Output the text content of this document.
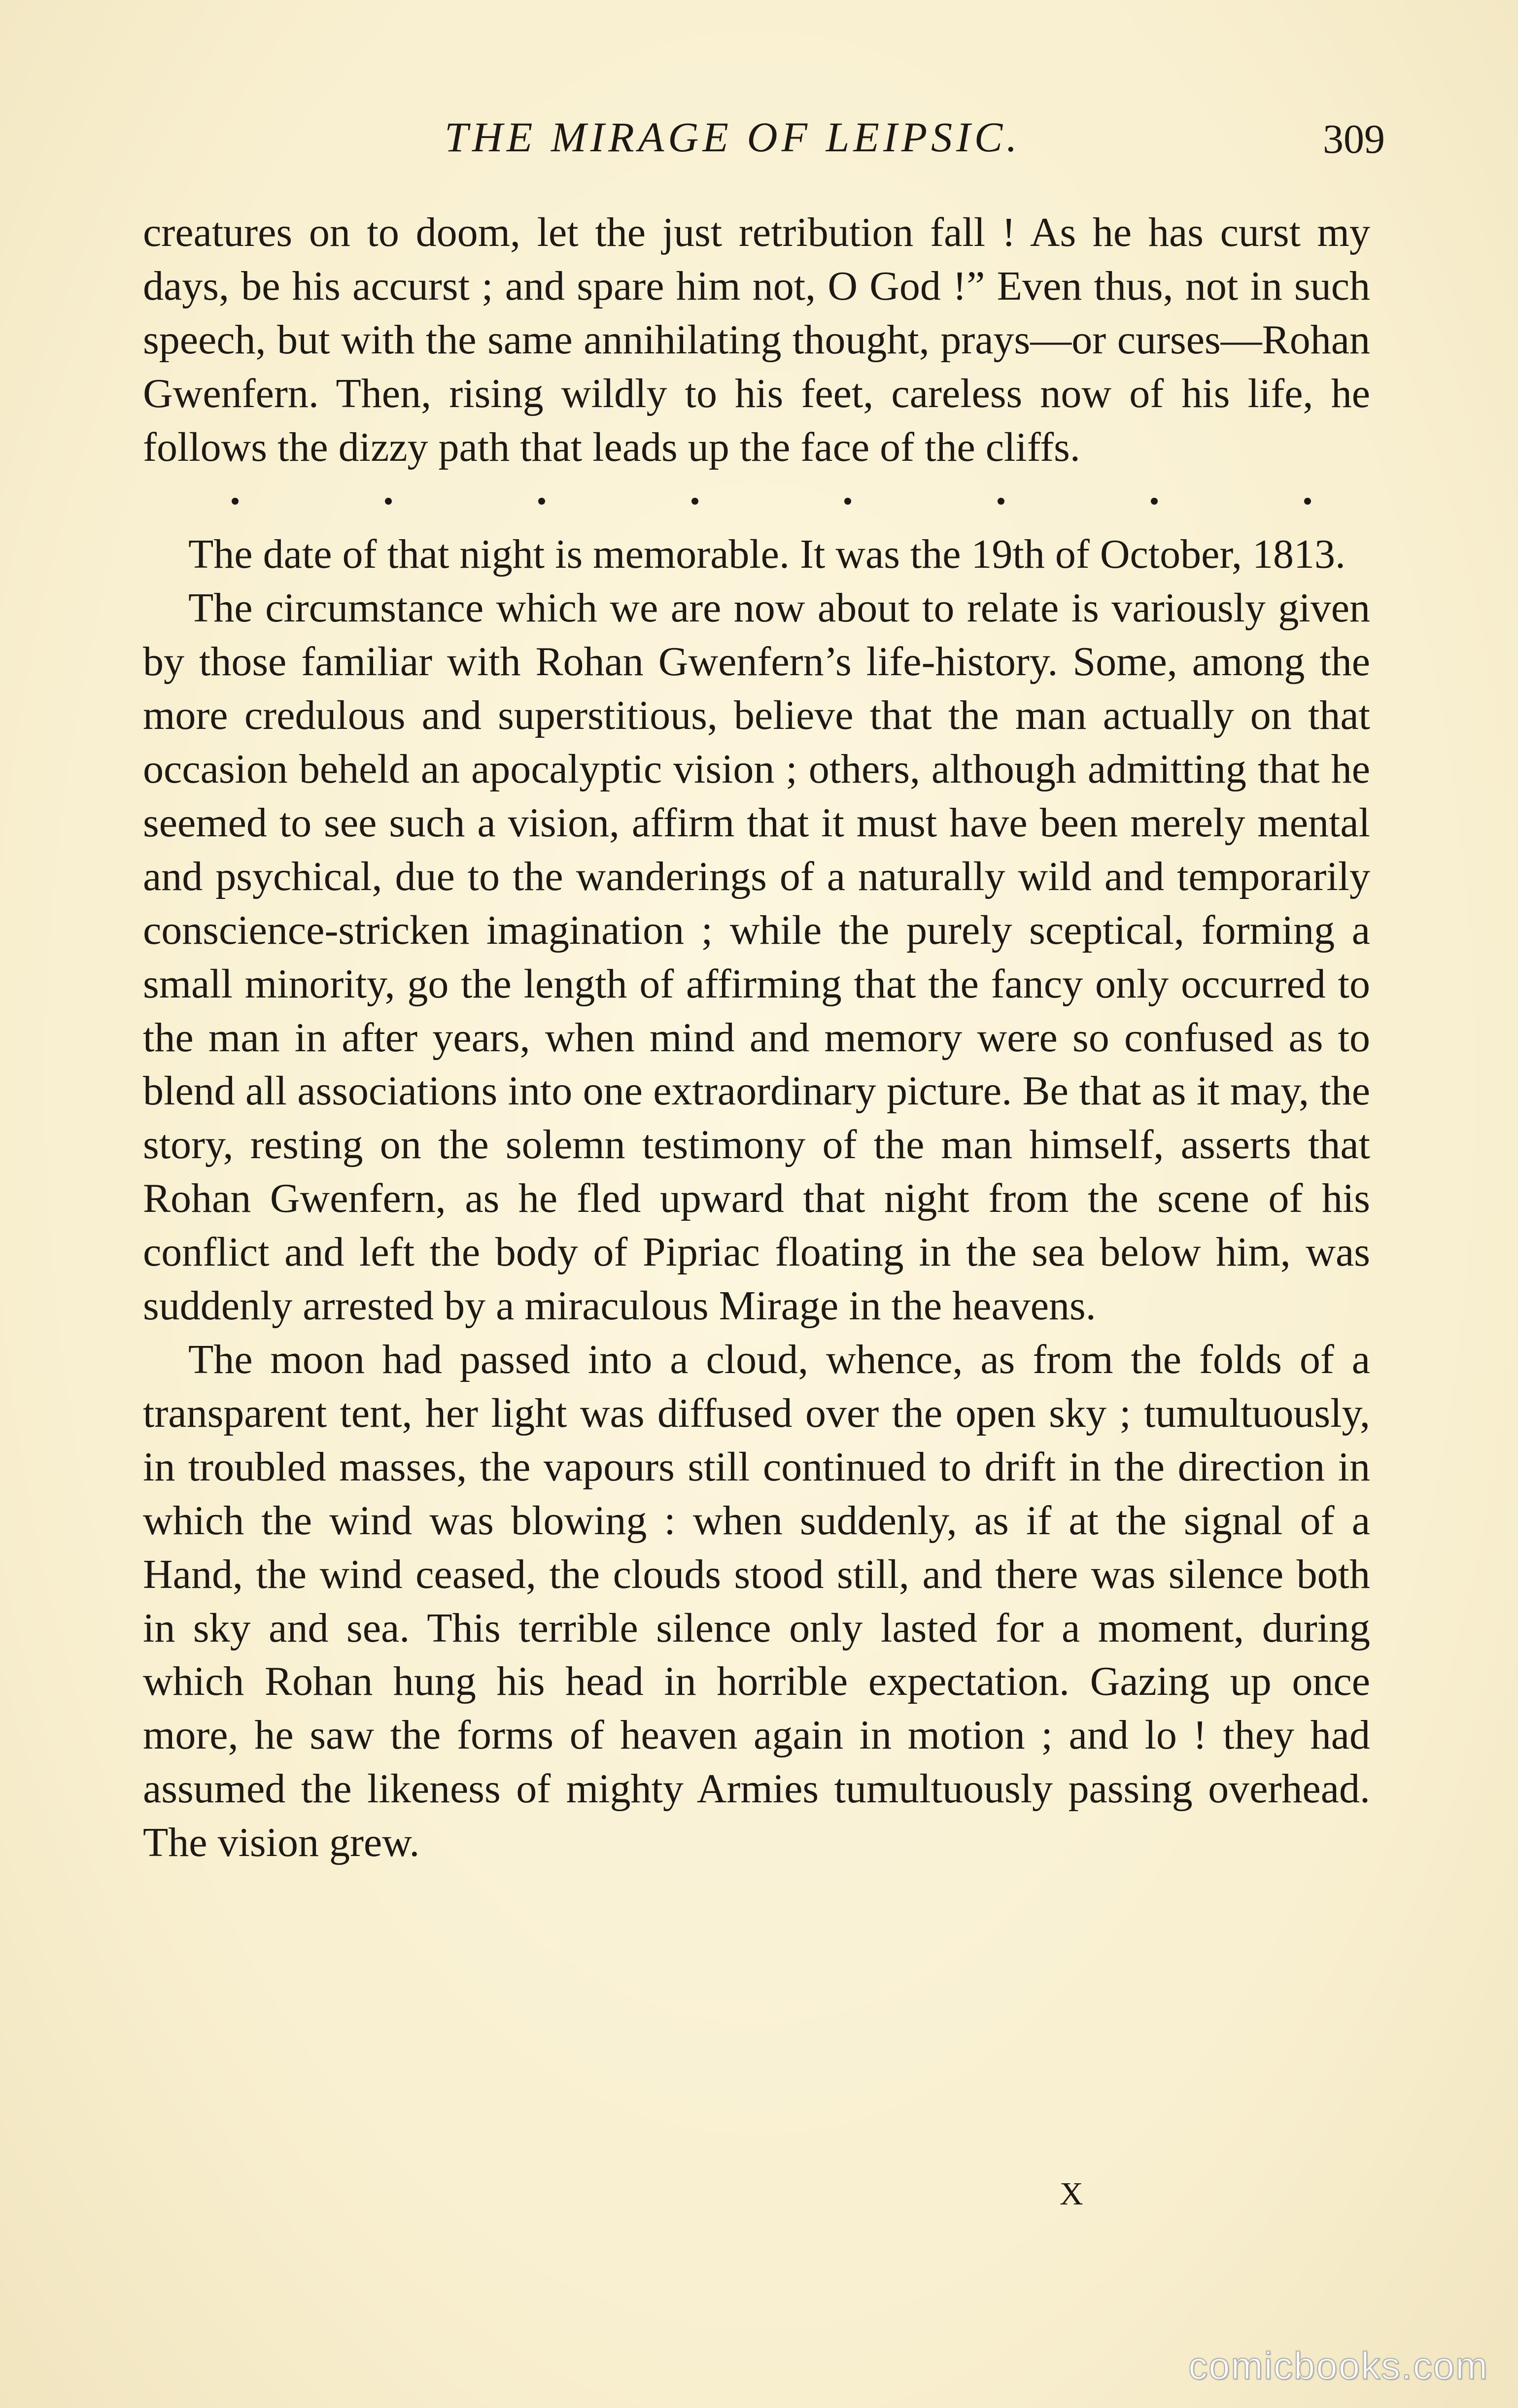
THE MIRAGE OF LEIPSIC.	309

creatures on to doom, let the just retribution fall ! As he has curst my days, be his accurst ; and spare him not, O God !” Even thus, not in such speech, but with the same annihilating thought, prays—or curses—Rohan Gwenfern. Then, rising wildly to his feet, careless now of his life, he follows the dizzy path that leads up the face of the cliffs.

The date of that night is memorable. It was the 19th of October, 1813.

The circumstance which we are now about to relate is variously given by those familiar with Rohan Gwenfern’s life-history. Some, among the more credulous and superstitious, believe that the man actually on that occasion beheld an apocalyptic vision ; others, although admitting that he seemed to see such a vision, affirm that it must have been merely mental and psychical, due to the wanderings of a naturally wild and temporarily conscience-stricken imagination ; while the purely sceptical, forming a small minority, go the length of affirming that the fancy only occurred to the man in after years, when mind and memory were so confused as to blend all associations into one extraordinary picture. Be that as it may, the story, resting on the solemn testimony of the man himself, asserts that Rohan Gwenfern, as he fled upward that night from the scene of his conflict and left the body of Pipriac floating in the sea below him, was suddenly arrested by a miraculous Mirage in the heavens.

The moon had passed into a cloud, whence, as from the folds of a transparent tent, her light was diffused over the open sky ; tumultuously, in troubled masses, the vapours still continued to drift in the direction in which the wind was blowing : when suddenly, as if at the signal of a Hand, the wind ceased, the clouds stood still, and there was silence both in sky and sea. This terrible silence only lasted for a moment, during which Rohan hung his head in horrible expectation. Gazing up once more, he saw the forms of heaven again in motion ; and lo ! they had assumed the likeness of mighty Armies tumultuously passing overhead. The vision grew.

X
comicbooks.com
